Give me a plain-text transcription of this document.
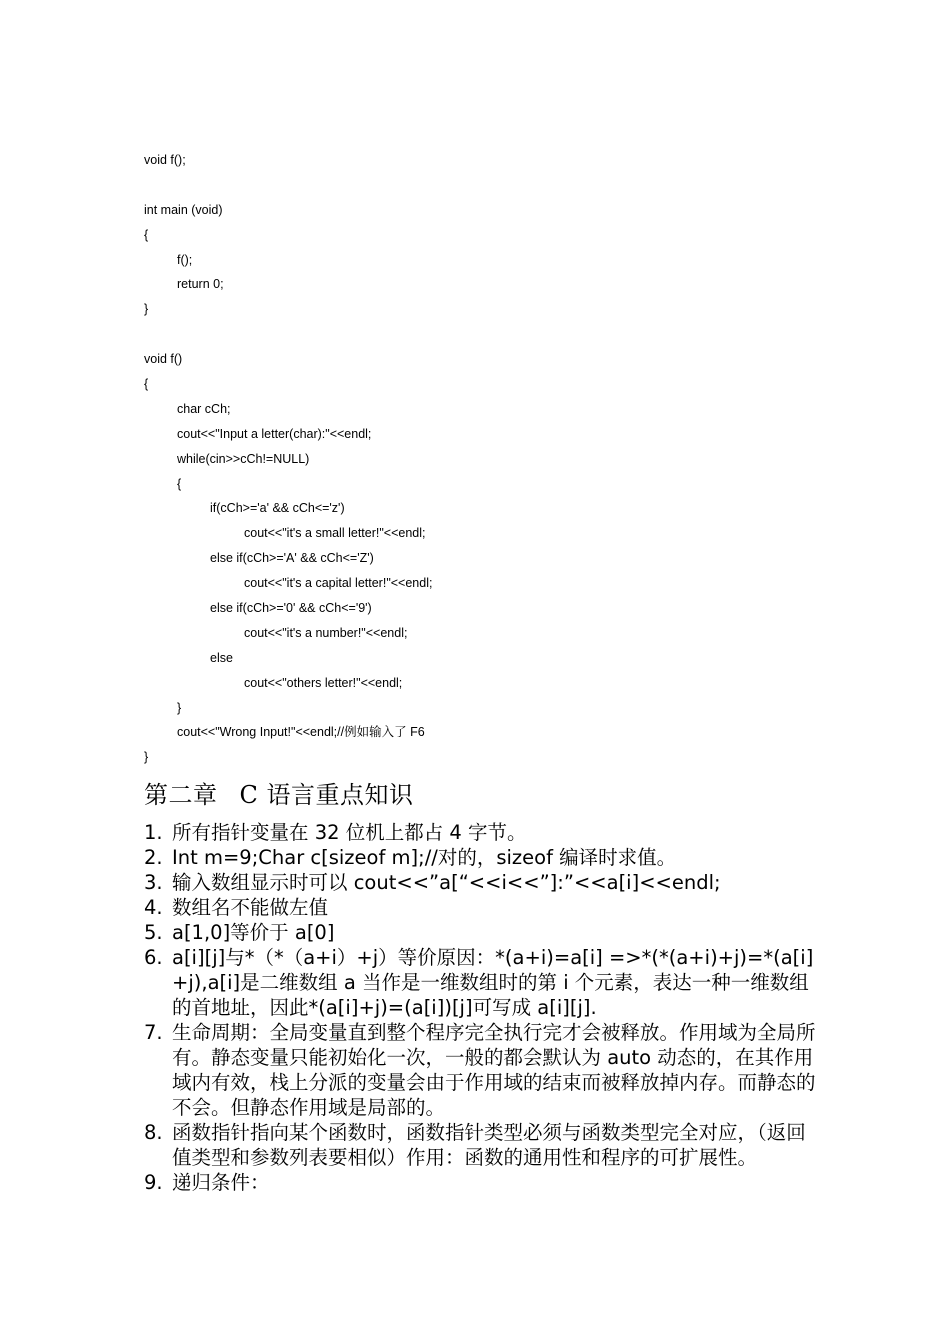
void f();
int main (void)
{
f();
return 0;
}
void f()
{
char cCh;
cout<<"Input a letter(char):"<<endl;
while(cin>>cCh!=NULL)
{
if(cCh>='a' && cCh<='z')
cout<<"it's a small letter!"<<endl;
else if(cCh>='A' && cCh<='Z')
cout<<"it's a capital letter!"<<endl;
else if(cCh>='0' && cCh<='9')
cout<<"it's a number!"<<endl;
else
cout<<"others letter!"<<endl;
}
cout<<"Wrong Input!"<<endl;//例如输入了 F6
}
第二章 C 语言重点知识
1. 所有指针变量在 32 位机上都占 4 字节。
2. Int m=9;Char c[sizeof m];//对的，sizeof 编译时求值。
3. 输入数组显示时可以 cout<<”a[“<<i<<”]:”<<a[i]<<endl;
4. 数组名不能做左值
5. a[1,0]等价于 a[0]
6. a[i][j]与*（*（a+i）+j）等价原因：*(a+i)=a[i] =>*(*(a+i)+j)=*(a[i]+j),a[i]是二维数组 a 当作是一维数组时的第 i 个元素，表达一种一维数组的首地址，因此*(a[i]+j)=(a[i])[j]可写成 a[i][j].
7. 生命周期：全局变量直到整个程序完全执行完才会被释放。作用域为全局所有。静态变量只能初始化一次，一般的都会默认为 auto 动态的，在其作用域内有效，栈上分派的变量会由于作用域的结束而被释放掉内存。而静态的不会。但静态作用域是局部的。
8. 函数指针指向某个函数时，函数指针类型必须与函数类型完全对应，（返回值类型和参数列表要相似）作用：函数的通用性和程序的可扩展性。
9. 递归条件：
